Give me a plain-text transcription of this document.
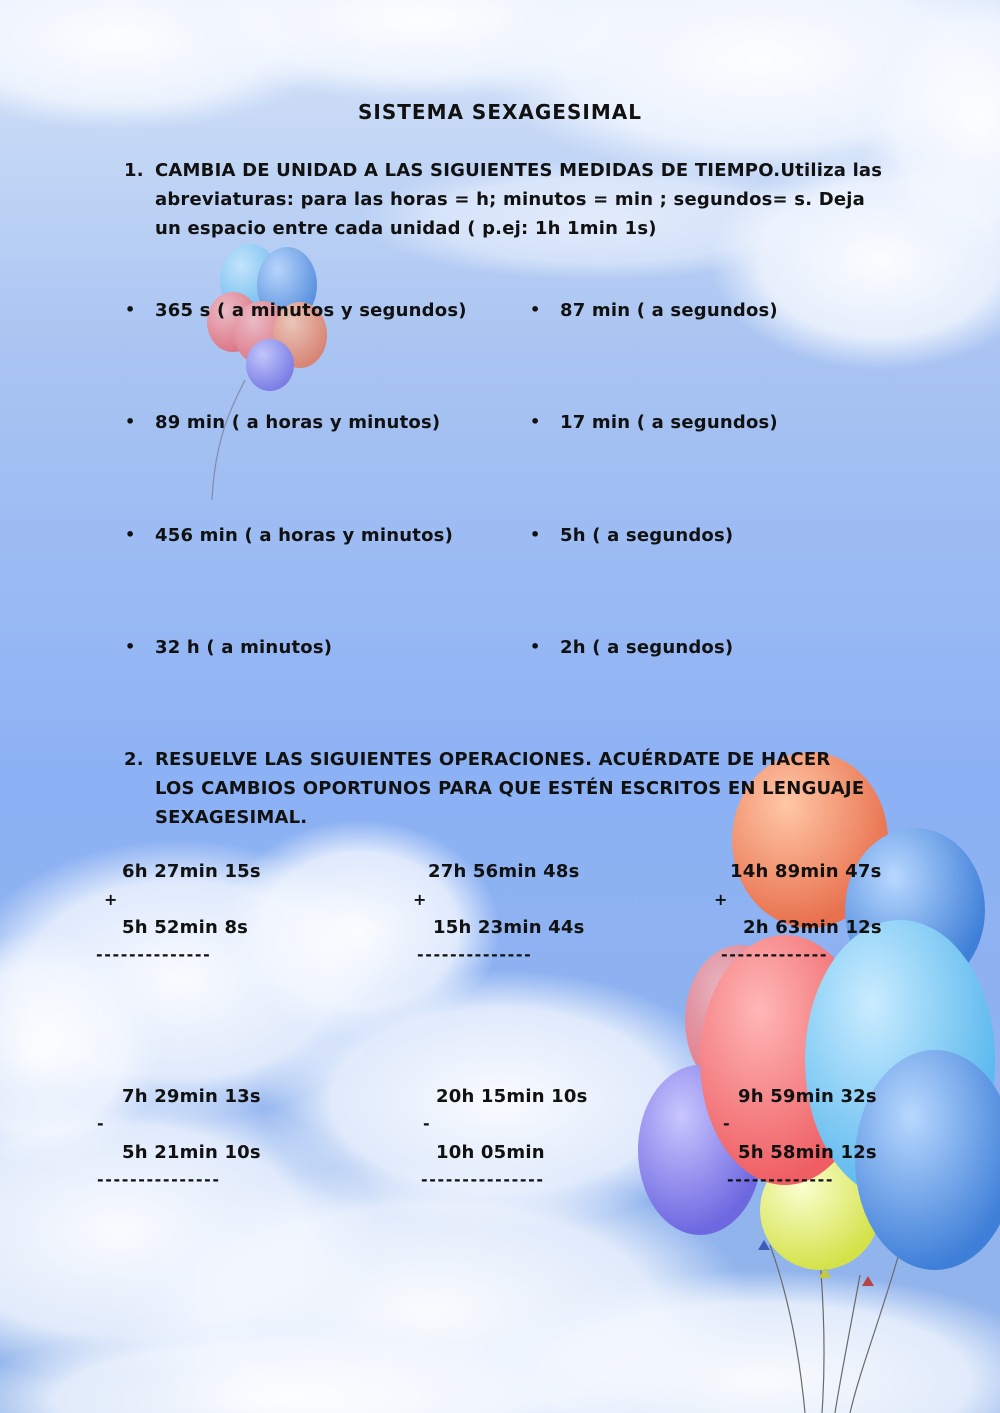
SISTEMA SEXAGESIMAL
1. CAMBIA DE UNIDAD A LAS SIGUIENTES MEDIDAS DE TIEMPO.Utiliza las abreviaturas: para las horas = h; minutos = min ; segundos= s. Deja un espacio entre cada unidad ( p.ej: 1h 1min 1s)
• 365 s ( a minutos y segundos)
• 89 min ( a horas y minutos)
• 456 min ( a horas y minutos)
• 32 h ( a minutos)
• 87 min ( a segundos)
• 17 min ( a segundos)
• 5h ( a segundos)
• 2h ( a segundos)
2. RESUELVE LAS SIGUIENTES OPERACIONES. ACUÉRDATE DE HACER LOS CAMBIOS OPORTUNOS PARA QUE ESTÉN ESCRITOS EN LENGUAJE SEXAGESIMAL.
6h 27min 15s
+
5h 52min 8s
--------------
27h 56min 48s
+
15h 23min 44s
--------------
14h 89min 47s
+
2h 63min 12s
-------------
7h 29min 13s
-
5h 21min 10s
---------------
20h 15min 10s
-
10h 05min
---------------
9h 59min 32s
-
5h 58min 12s
-------------
